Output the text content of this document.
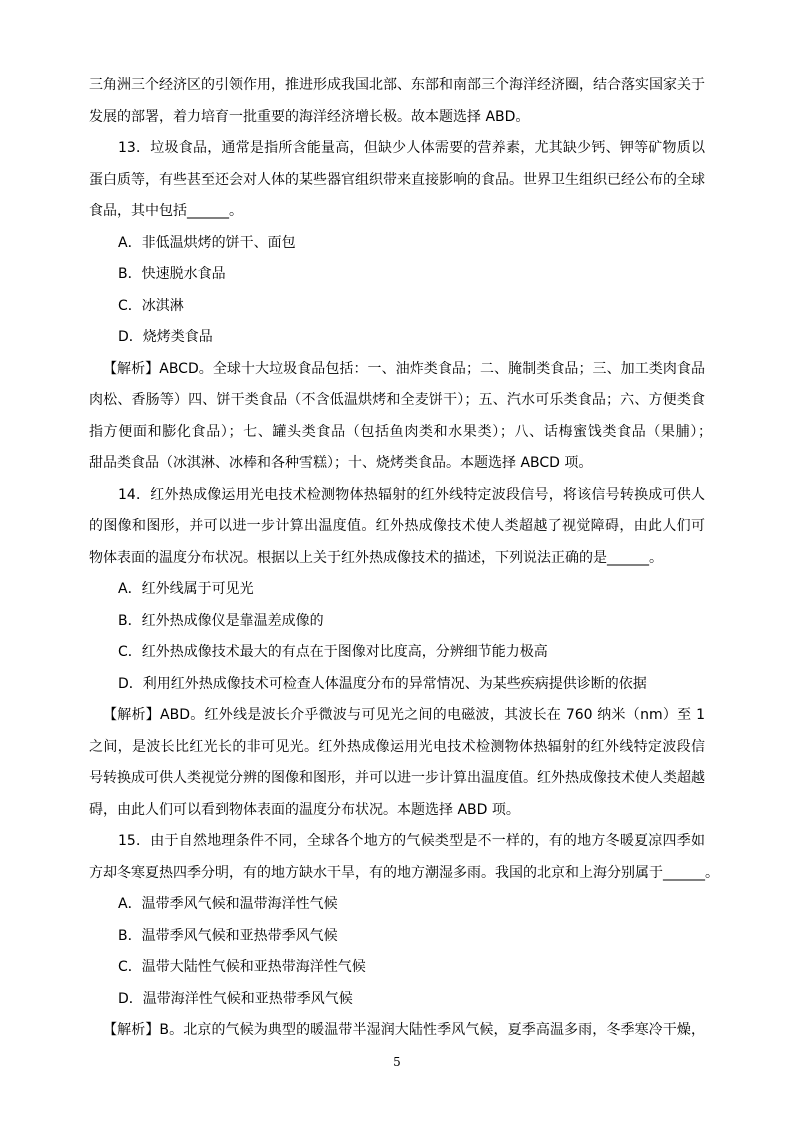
三角洲三个经济区的引领作用，推进形成我国北部、东部和南部三个海洋经济圈，结合落实国家关于
发展的部署，着力培育一批重要的海洋经济增长极。故本题选择 ABD。
13．垃圾食品，通常是指所含能量高，但缺少人体需要的营养素，尤其缺少钙、钾等矿物质以
蛋白质等，有些甚至还会对人体的某些器官组织带来直接影响的食品。世界卫生组织已经公布的全球
食品，其中包括______。
A．非低温烘烤的饼干、面包
B．快速脱水食品
C．冰淇淋
D．烧烤类食品
【解析】ABCD。全球十大垃圾食品包括：一、油炸类食品；二、腌制类食品；三、加工类肉食品
肉松、香肠等）四、饼干类食品（不含低温烘烤和全麦饼干）；五、汽水可乐类食品；六、方便类食
指方便面和膨化食品）；七、罐头类食品（包括鱼肉类和水果类）；八、话梅蜜饯类食品（果脯）；　
甜品类食品（冰淇淋、冰棒和各种雪糕）；十、烧烤类食品。本题选择 ABCD 项。
14．红外热成像运用光电技术检测物体热辐射的红外线特定波段信号，将该信号转换成可供人
的图像和图形，并可以进一步计算出温度值。红外热成像技术使人类超越了视觉障碍，由此人们可
物体表面的温度分布状况。根据以上关于红外热成像技术的描述，下列说法正确的是______。
A．红外线属于可见光
B．红外热成像仪是靠温差成像的
C．红外热成像技术最大的有点在于图像对比度高，分辨细节能力极高
D．利用红外热成像技术可检查人体温度分布的异常情况、为某些疾病提供诊断的依据
【解析】ABD。红外线是波长介乎微波与可见光之间的电磁波，其波长在 760 纳米（nm）至 1
之间，是波长比红光长的非可见光。红外热成像运用光电技术检测物体热辐射的红外线特定波段信
号转换成可供人类视觉分辨的图像和图形，并可以进一步计算出温度值。红外热成像技术使人类超越
碍，由此人们可以看到物体表面的温度分布状况。本题选择 ABD 项。
15．由于自然地理条件不同，全球各个地方的气候类型是不一样的，有的地方冬暖夏凉四季如
方却冬寒夏热四季分明，有的地方缺水干旱，有的地方潮湿多雨。我国的北京和上海分别属于______。
A．温带季风气候和温带海洋性气候
B．温带季风气候和亚热带季风气候
C．温带大陆性气候和亚热带海洋性气候
D．温带海洋性气候和亚热带季风气候
【解析】B。北京的气候为典型的暖温带半湿润大陆性季风气候，夏季高温多雨，冬季寒冷干燥，
5
